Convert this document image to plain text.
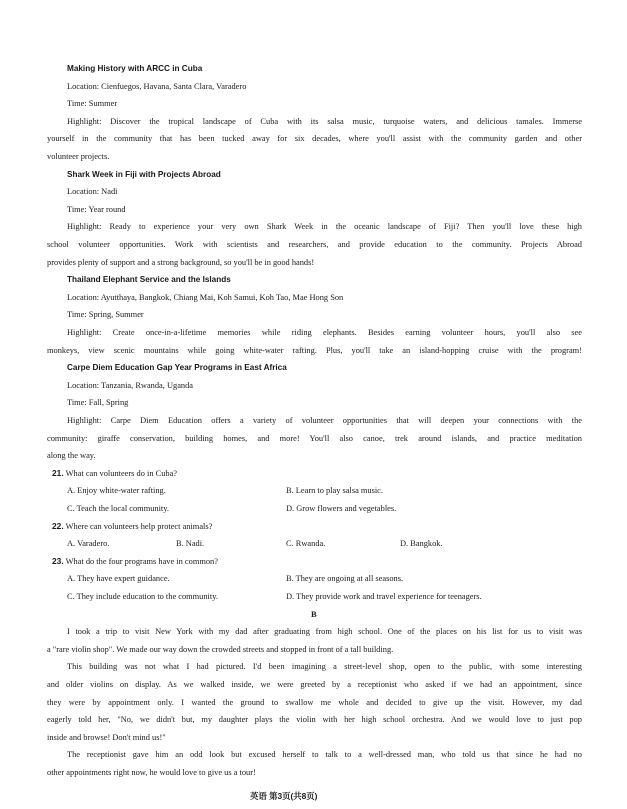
Making History with ARCC in Cuba
Location: Cienfuegos, Havana, Santa Clara, Varadero
Time: Summer
Highlight: Discover the tropical landscape of Cuba with its salsa music, turquoise waters, and delicious tamales. Immerse
yourself in the community that has been tucked away for six decades, where you'll assist with the community garden and other
volunteer projects.
Shark Week in Fiji with Projects Abroad
Location: Nadi
Time: Year round
Highlight: Ready to experience your very own Shark Week in the oceanic landscape of Fiji? Then you'll love these high
school volunteer opportunities. Work with scientists and researchers, and provide education to the community. Projects Abroad
provides plenty of support and a strong background, so you'll be in good hands!
Thailand Elephant Service and the Islands
Location: Ayutthaya, Bangkok, Chiang Mai, Koh Samui, Koh Tao, Mae Hong Son
Time: Spring, Summer
Highlight: Create once-in-a-lifetime memories while riding elephants. Besides earning volunteer hours, you'll also see
monkeys, view scenic mountains while going white-water rafting. Plus, you'll take an island-hopping cruise with the program!
Carpe Diem Education Gap Year Programs in East Africa
Location: Tanzania, Rwanda, Uganda
Time: Fall, Spring
Highlight: Carpe Diem Education offers a variety of volunteer opportunities that will deepen your connections with the
community: giraffe conservation, building homes, and more! You'll also canoe, trek around islands, and practice meditation
along the way.
21. What can volunteers do in Cuba?
A. Enjoy white-water rafting.	B. Learn to play salsa music.
C. Teach the local community.	D. Grow flowers and vegetables.
22. Where can volunteers help protect animals?
A. Varadero.	B. Nadi.	C. Rwanda.	D. Bangkok.
23. What do the four programs have in common?
A. They have expert guidance.	B. They are ongoing at all seasons.
C. They include education to the community.	D. They provide work and travel experience for teenagers.
B
I took a trip to visit New York with my dad after graduating from high school. One of the places on his list for us to visit was
a "rare violin shop". We made our way down the crowded streets and stopped in front of a tall building.
This building was not what I had pictured. I'd been imagining a street-level shop, open to the public, with some interesting
and older violins on display. As we walked inside, we were greeted by a receptionist who asked if we had an appointment, since
they were by appointment only. I wanted the ground to swallow me whole and decided to give up the visit. However, my dad
eagerly told her, "No, we didn't but, my daughter plays the violin with her high school orchestra. And we would love to just pop
inside and browse! Don't mind us!"
The receptionist gave him an odd look but excused herself to talk to a well-dressed man, who told us that since he had no
other appointments right now, he would love to give us a tour!
英语 第3页(共8页)
